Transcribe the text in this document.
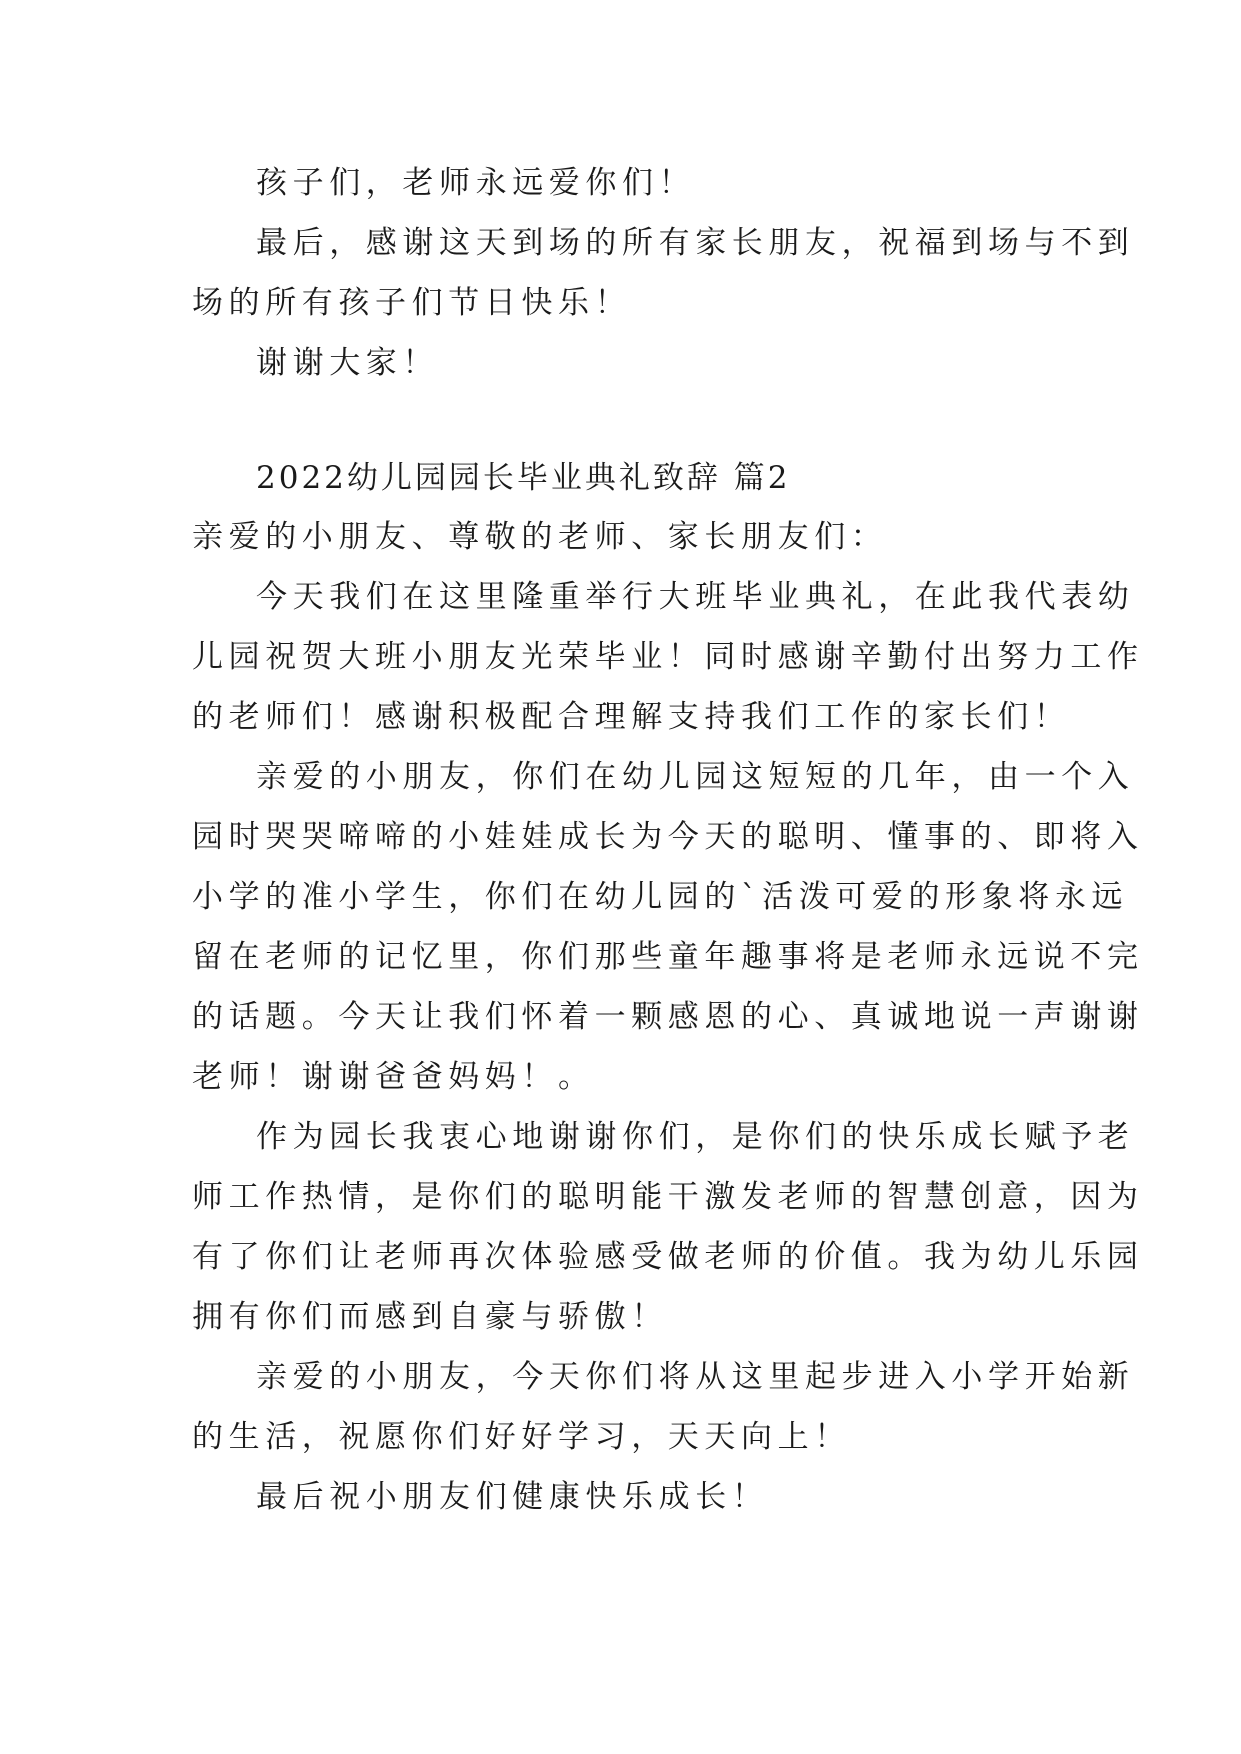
孩子们，老师永远爱你们！
最后，感谢这天到场的所有家长朋友，祝福到场与不到
场的所有孩子们节日快乐！
谢谢大家！
2022幼儿园园长毕业典礼致辞 篇2
亲爱的小朋友、尊敬的老师、家长朋友们：
今天我们在这里隆重举行大班毕业典礼，在此我代表幼
儿园祝贺大班小朋友光荣毕业！同时感谢辛勤付出努力工作
的老师们！感谢积极配合理解支持我们工作的家长们！
亲爱的小朋友，你们在幼儿园这短短的几年，由一个入
园时哭哭啼啼的小娃娃成长为今天的聪明、懂事的、即将入
小学的准小学生，你们在幼儿园的`活泼可爱的形象将永远
留在老师的记忆里，你们那些童年趣事将是老师永远说不完
的话题。今天让我们怀着一颗感恩的心、真诚地说一声谢谢
老师！谢谢爸爸妈妈！。
作为园长我衷心地谢谢你们，是你们的快乐成长赋予老
师工作热情，是你们的聪明能干激发老师的智慧创意，因为
有了你们让老师再次体验感受做老师的价值。我为幼儿乐园
拥有你们而感到自豪与骄傲！
亲爱的小朋友，今天你们将从这里起步进入小学开始新
的生活，祝愿你们好好学习，天天向上！
最后祝小朋友们健康快乐成长！
